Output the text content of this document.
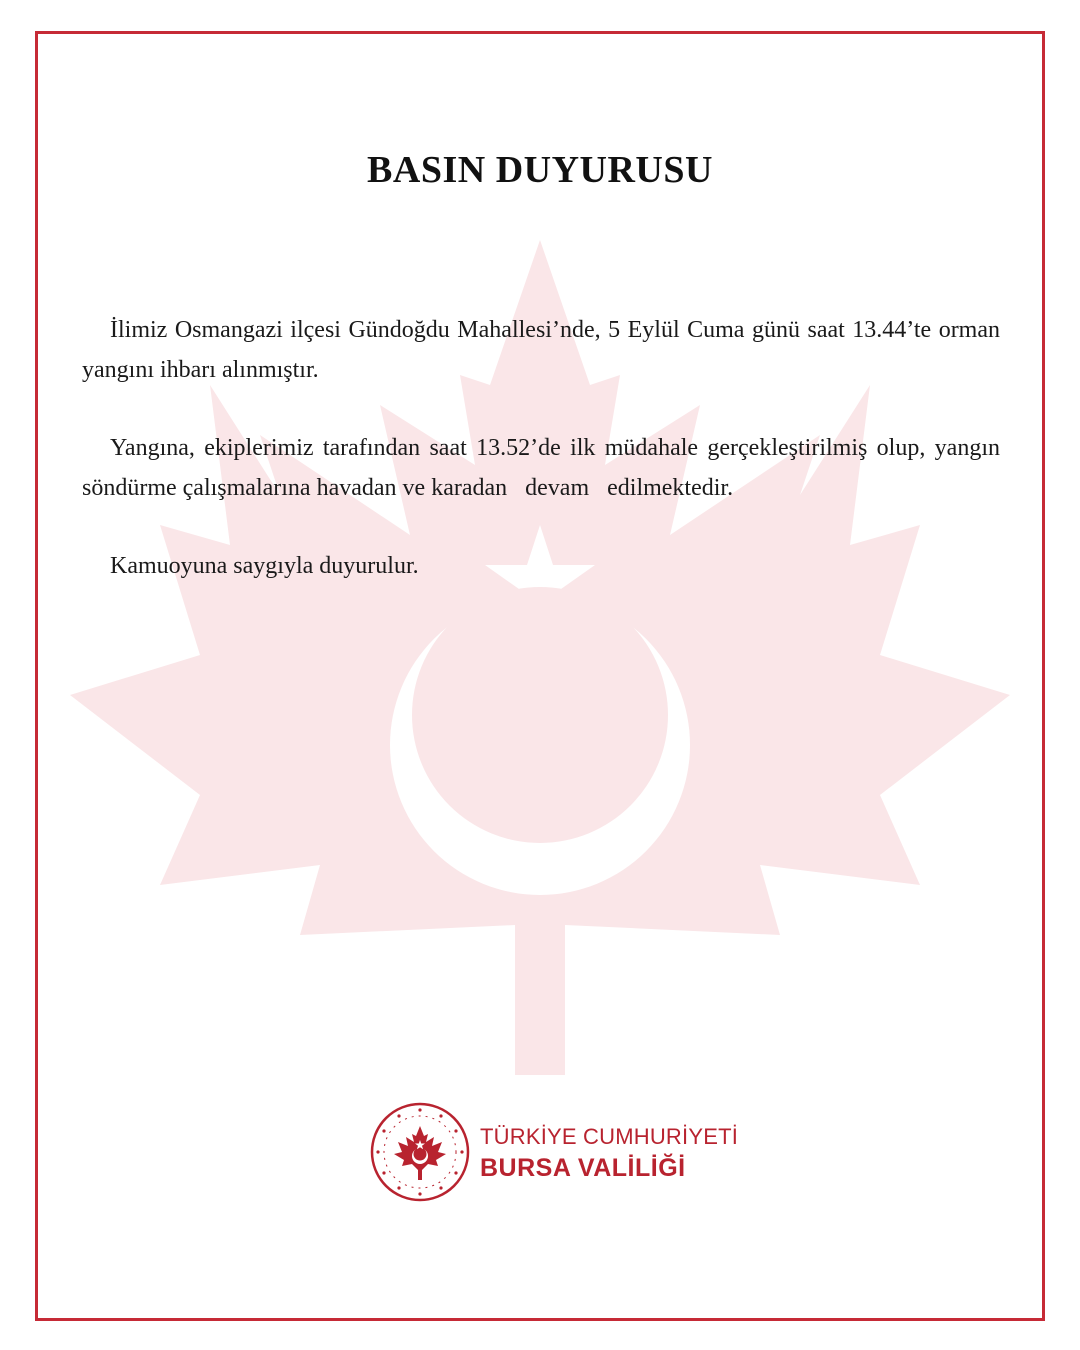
BASIN DUYURUSU

İlimiz Osmangazi ilçesi Gündoğdu Mahallesi’nde, 5 Eylül Cuma günü saat 13.44’te orman yangını ihbarı alınmıştır.

Yangına, ekiplerimiz tarafından saat 13.52’de ilk müdahale gerçekleştirilmiş olup, yangın söndürme çalışmalarına havadan ve karadan   devam   edilmektedir.

Kamuoyuna saygıyla duyurulur.

TÜRKİYE CUMHURİYETİ
BURSA VALİLİĞİ
